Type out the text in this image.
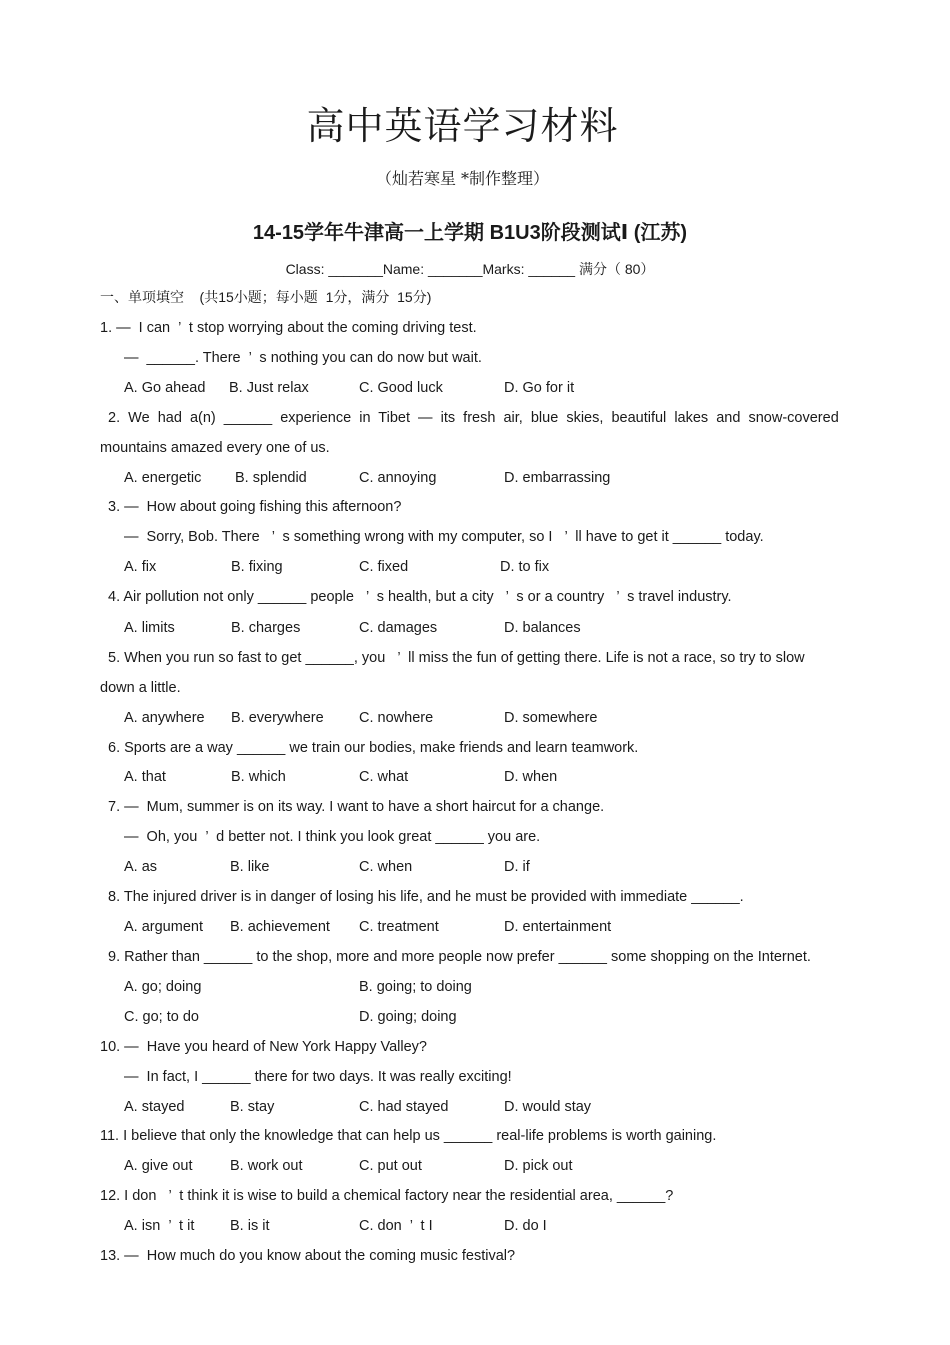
高中英语学习材料
（灿若寒星 *制作整理）
14-15学年牛津高一上学期 B1U3阶段测试Ⅰ (江苏)
Class: _______Name: _______Marks: ______ 满分（ 80）
一、单项填空    (共15小题；每小题  1分，满分  15分)
1. —  I can  ’  t stop worrying about the coming driving test.
—  ______. There  ’  s nothing you can do now but wait.
A. Go ahead B. Just relax	C. Good luck	D. Go for it
2.  We  had  a(n)  ______  experience  in  Tibet  —  its  fresh  air,  blue  skies,  beautiful  lakes  and  snow-covered
mountains amazed every one of us.
A. energetic B. splendid	C. annoying	D. embarrassing
3. —  How about going fishing this afternoon?
—  Sorry, Bob. There   ’  s something wrong with my computer, so I   ’  ll have to get it ______ today.
A. fix	B. fixing	C. fixed	D. to fix
4. Air pollution not only ______ people   ’  s health, but a city   ’  s or a country   ’  s travel industry.
A. limits	B. charges	C. damages	D. balances
5. When you run so fast to get ______, you   ’  ll miss the fun of getting there. Life is not a race, so try to slow
down a little.
A. anywhere B. everywhere C. nowhere	D. somewhere
6. Sports are a way ______ we train our bodies, make friends and learn teamwork.
A. that	B. which	C. what	D. when
7. —  Mum, summer is on its way. I want to have a short haircut for a change.
—  Oh, you  ’  d better not. I think you look great ______ you are.
A. as	B. like	C. when	D. if
8. The injured driver is in danger of losing his life, and he must be provided with immediate ______.
A. argument B. achievement C. treatment	D. entertainment
9. Rather than ______ to the shop, more and more people now prefer ______ some shopping on the Internet.
A. go; doing	B. going; to doing
C. go; to do	D. going; doing
10. —  Have you heard of New York Happy Valley?
—  In fact, I ______ there for two days. It was really exciting!
A. stayed	B. stay	C. had stayed	D. would stay
11. I believe that only the knowledge that can help us ______ real-life problems is worth gaining.
A. give out	B. work out	C. put out	D. pick out
12. I don   ’  t think it is wise to build a chemical factory near the residential area, ______?
A. isn  ’  t it B. is it	C. don  ’  t I	D. do I
13. —  How much do you know about the coming music festival?
